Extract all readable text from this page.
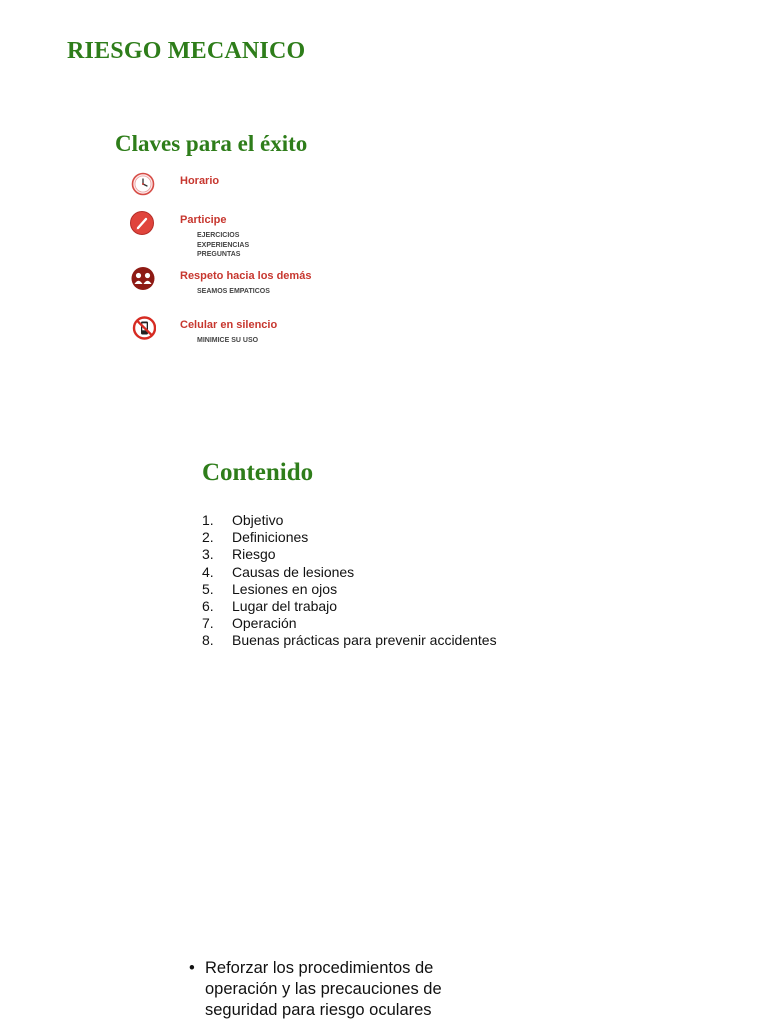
RIESGO MECANICO
Claves para el éxito
Horario
Participe
EJERCICIOS
EXPERIENCIAS
PREGUNTAS
Respeto hacia los demás
SEAMOS EMPATICOS
Celular en silencio
MINIMICE SU USO
Contenido
1. Objetivo
2. Definiciones
3. Riesgo
4. Causas de lesiones
5. Lesiones en ojos
6. Lugar del trabajo
7. Operación
8. Buenas prácticas para prevenir accidentes
• Reforzar los procedimientos de operación y las precauciones de seguridad para riesgo oculares
